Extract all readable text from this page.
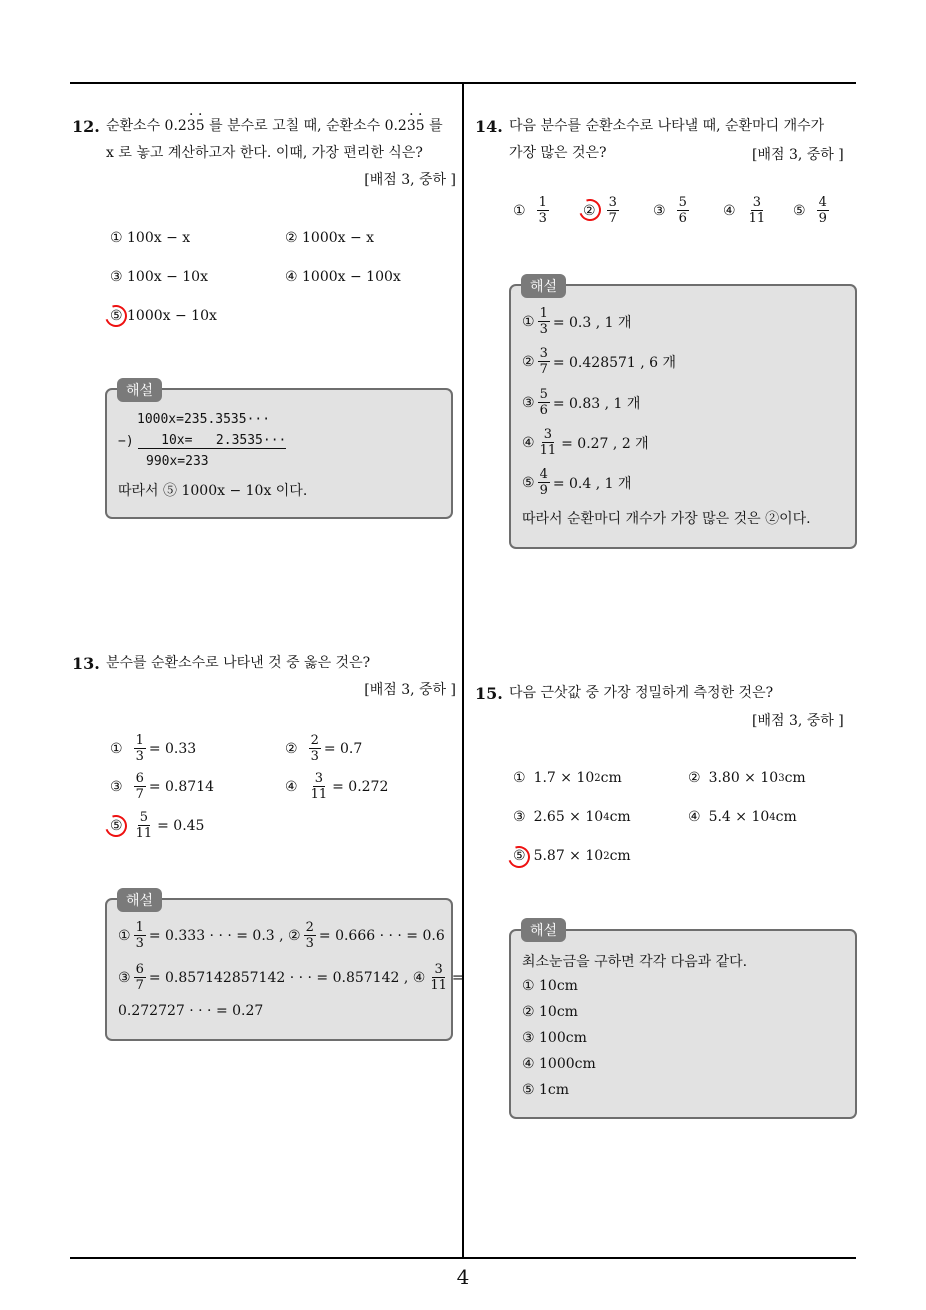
12. 순환소수 0.23 ·5 · 를 분수로 고칠 때, 순환소수 0.23 ·5 · 를
x 로 놓고 계산하고자 한다. 이때, 가장 편리한 식은?
[배점 3, 중하 ]
① 100x − x	② 1000x − x
③ 100x − 10x	④ 1000x − 100x
⑤ 1000x − 10x
해설
1000x=235.3535···
−) 10x=   2.3535···
990x=233
따라서 ⑤ 1000x − 10x 이다.
13. 분수를 순환소수로 나타낸 것 중 옳은 것은?
[배점 3, 중하 ]
① $\frac{1}{3} = 0.33$	② $\frac{2}{3} = 0.7$
③ $\frac{6}{7} = 0.8714$	④ $\frac{3}{11} = 0.272$
⑤ $\frac{5}{11} = 0.45$
해설
① $\frac{1}{3} = 0.333$ · · · = 0.3 , ② $\frac{2}{3} = 0.666$ · · · = 0.6
③ $\frac{6}{7} = 0.857142857142$ · · · = 0.857142 , ④ $\frac{3}{11}$ =
0.272727 · · · = 0.27
14. 다음 분수를 순환소수로 나타낼 때, 순환마디 개수가
가장 많은 것은?	[배점 3, 중하 ]
① $\frac{1}{3}$ ② $\frac{3}{7}$ ③ $\frac{5}{6}$ ④ $\frac{3}{11}$ ⑤ $\frac{4}{9}$
해설
① $\frac{1}{3} = 0.3$ , 1 개
② $\frac{3}{7} = 0.428571$ , 6 개
③ $\frac{5}{6} = 0.83$ , 1 개
④ $\frac{3}{11} = 0.27$ , 2 개
⑤ $\frac{4}{9} = 0.4$ , 1 개
따라서 순환마디 개수가 가장 많은 것은 ②이다.
15. 다음 근삿값 중 가장 정밀하게 측정한 것은?
[배점 3, 중하 ]
① 1.7 × 10 2 cm	② 3.80 × 10 3 cm
③ 2.65 × 10 4 cm	④ 5.4 × 10 4 cm
⑤ 5.87 × 10 2 cm
해설
최소눈금을 구하면 각각 다음과 같다.
① 10cm
② 10cm
③ 100cm
④ 1000cm
⑤ 1cm
4
